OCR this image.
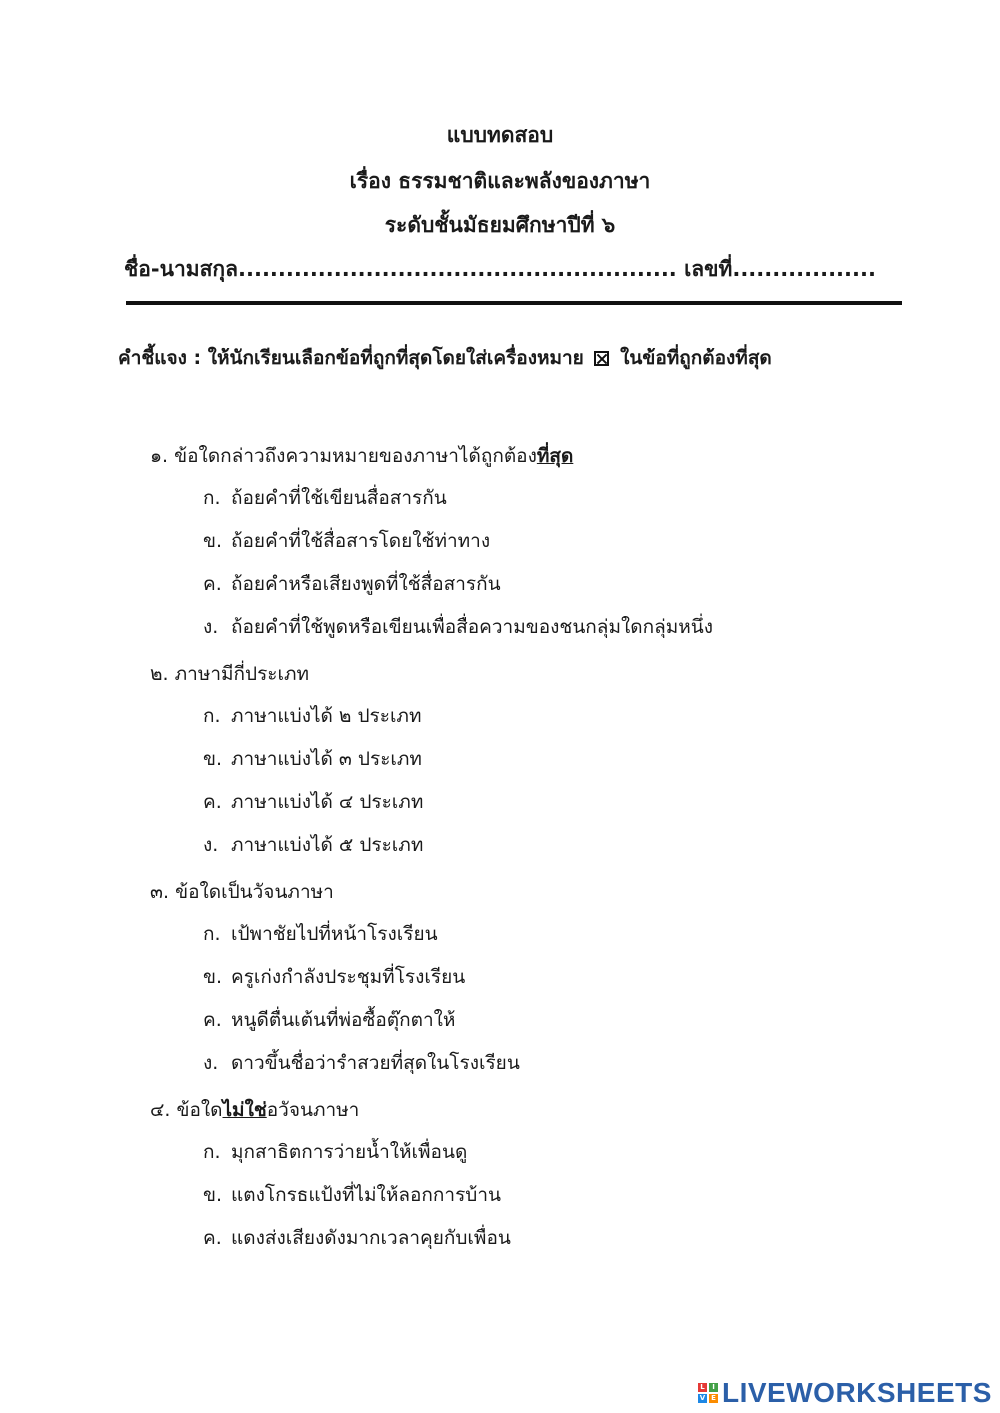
แบบทดสอบ
เรื่อง ธรรมชาติและพลังของภาษา
ระดับชั้นมัธยมศึกษาปีที่ ๖
ชื่อ-นามสกุล....................................................... เลขที่..................
คำชี้แจง : ให้นักเรียนเลือกข้อที่ถูกที่สุดโดยใส่เครื่องหมาย ในข้อที่ถูกต้องที่สุด
๑. ข้อใดกล่าวถึงความหมายของภาษาได้ถูกต้องที่สุด
ก. ถ้อยคำที่ใช้เขียนสื่อสารกัน
ข. ถ้อยคำที่ใช้สื่อสารโดยใช้ท่าทาง
ค. ถ้อยคำหรือเสียงพูดที่ใช้สื่อสารกัน
ง. ถ้อยคำที่ใช้พูดหรือเขียนเพื่อสื่อความของชนกลุ่มใดกลุ่มหนึ่ง
๒. ภาษามีกี่ประเภท
ก. ภาษาแบ่งได้ ๒ ประเภท
ข. ภาษาแบ่งได้ ๓ ประเภท
ค. ภาษาแบ่งได้ ๔ ประเภท
ง. ภาษาแบ่งได้ ๕ ประเภท
๓. ข้อใดเป็นวัจนภาษา
ก. เป้พาชัยไปที่หน้าโรงเรียน
ข. ครูเก่งกำลังประชุมที่โรงเรียน
ค. หนูดีตื่นเต้นที่พ่อซื้อตุ๊กตาให้
ง. ดาวขึ้นชื่อว่ารำสวยที่สุดในโรงเรียน
๔. ข้อใดไม่ใช่อวัจนภาษา
ก. มุกสาธิตการว่ายน้ำให้เพื่อนดู
ข. แตงโกรธแป้งที่ไม่ให้ลอกการบ้าน
ค. แดงส่งเสียงดังมากเวลาคุยกับเพื่อน
L	I
V E LIVEWORKSHEETS
